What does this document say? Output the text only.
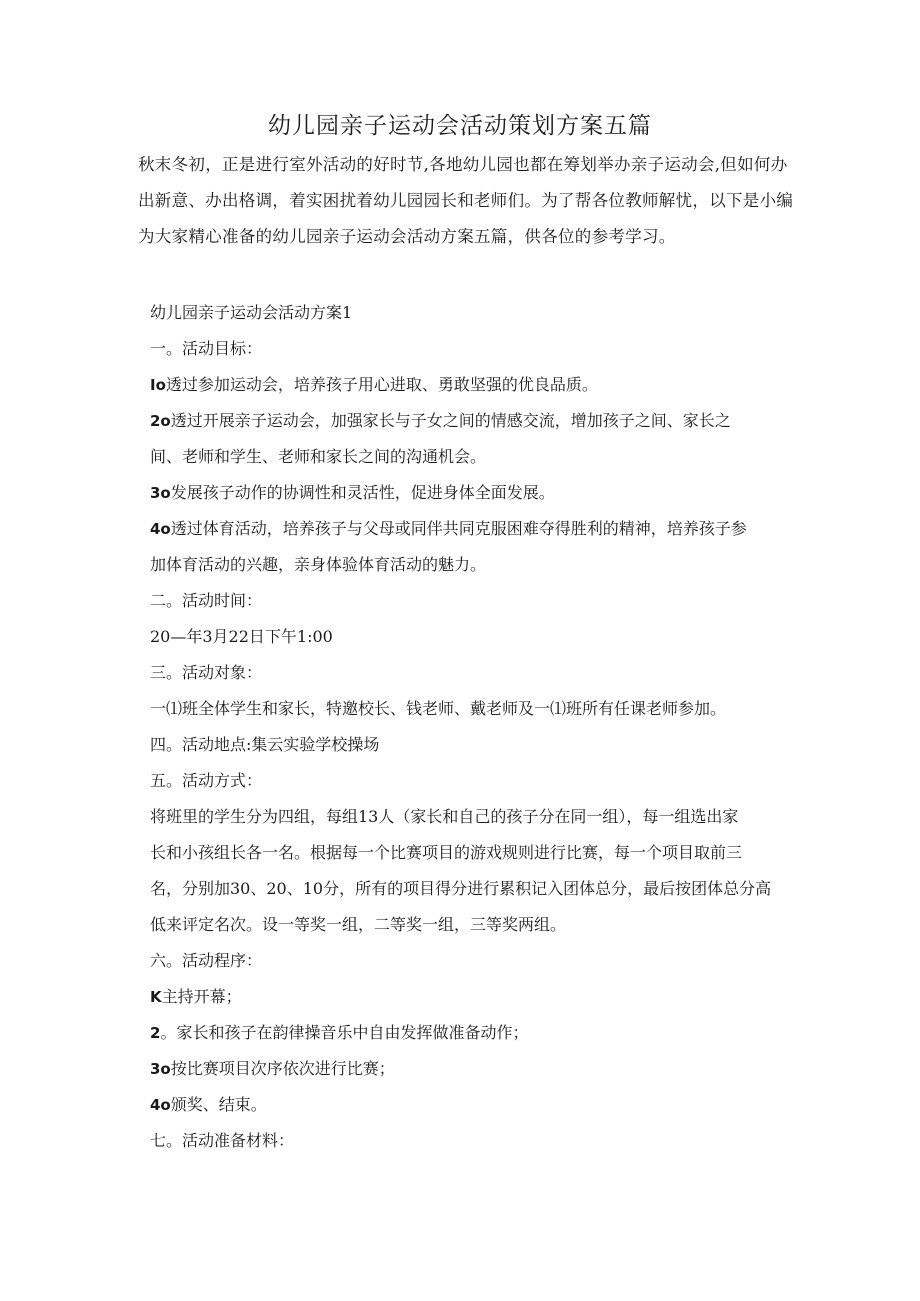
幼儿园亲子运动会活动策划方案五篇

秋末冬初，正是进行室外活动的好时节,各地幼儿园也都在筹划举办亲子运动会,但如何办出新意、办出格调，着实困扰着幼儿园园长和老师们。为了帮各位教师解忧，以下是小编为大家精心准备的幼儿园亲子运动会活动方案五篇，供各位的参考学习。

幼儿园亲子运动会活动方案1

一。活动目标：

Io透过参加运动会，培养孩子用心进取、勇敢坚强的优良品质。

2o透过开展亲子运动会，加强家长与子女之间的情感交流，增加孩子之间、家长之

间、老师和学生、老师和家长之间的沟通机会。

3o发展孩子动作的协调性和灵活性，促进身体全面发展。

4o透过体育活动，培养孩子与父母或同伴共同克服困难夺得胜利的精神，培养孩子参

加体育活动的兴趣，亲身体验体育活动的魅力。

二。活动时间：

20—年3月22日下午1:00

三。活动对象：

一⑴班全体学生和家长，特邀校长、钱老师、戴老师及一⑴班所有任课老师参加。

四。活动地点:集云实验学校操场

五。活动方式：

将班里的学生分为四组，每组13人（家长和自己的孩子分在同一组），每一组选出家

长和小孩组长各一名。根据每一个比赛项目的游戏规则进行比赛，每一个项目取前三

名，分别加30、20、10分，所有的项目得分进行累积记入团体总分，最后按团体总分高

低来评定名次。设一等奖一组，二等奖一组，三等奖两组。

六。活动程序：

K主持开幕；

2。家长和孩子在韵律操音乐中自由发挥做准备动作；

3o按比赛项目次序依次进行比赛；

4o颁奖、结束。

七。活动准备材料：
